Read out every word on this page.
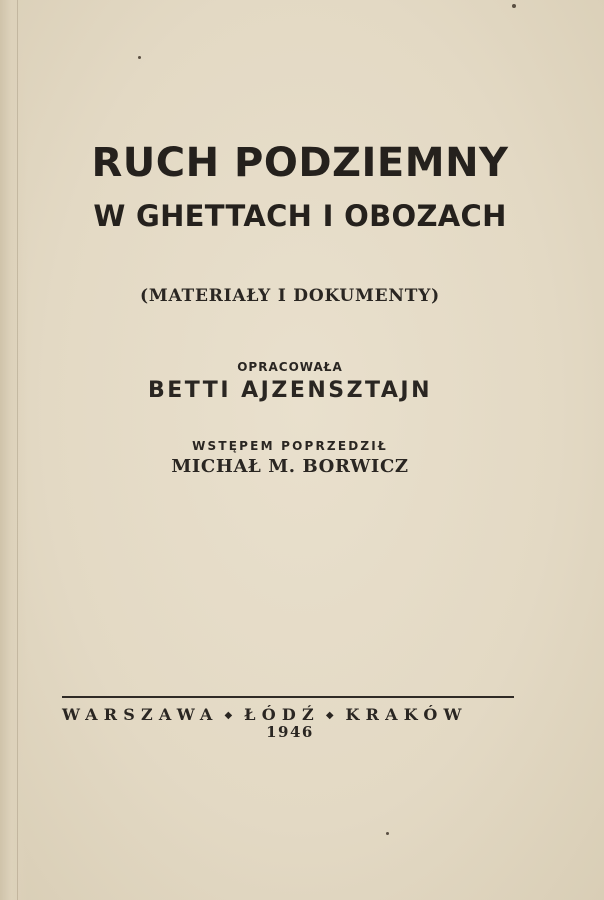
RUCH PODZIEMNY
W GHETTACH I OBOZACH
(MATERIAŁY I DOKUMENTY)
OPRACOWAŁA
BETTI AJZENSZTAJN
WSTĘPEM POPRZEDZIŁ
MICHAŁ M. BORWICZ
WARSZAWA ◆ ŁÓDŹ ◆ KRAKÓW
1946
